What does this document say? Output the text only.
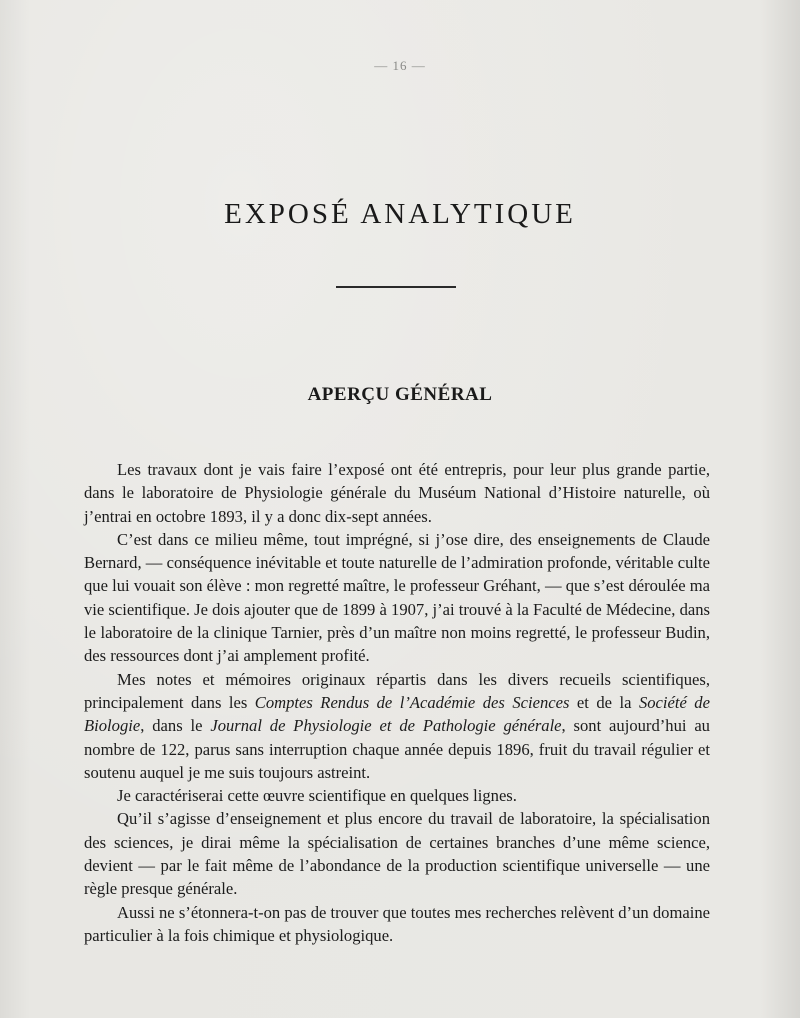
— 16 —
EXPOSÉ ANALYTIQUE
APERÇU GÉNÉRAL

Les travaux dont je vais faire l’exposé ont été entrepris, pour leur plus grande partie, dans le laboratoire de Physiologie générale du Muséum National d’Histoire naturelle, où j’entrai en octobre 1893, il y a donc dix-sept années.

C’est dans ce milieu même, tout imprégné, si j’ose dire, des enseignements de Claude Bernard, — conséquence inévitable et toute naturelle de l’admiration profonde, véritable culte que lui vouait son élève : mon regretté maître, le professeur Gréhant, — que s’est déroulée ma vie scientifique. Je dois ajouter que de 1899 à 1907, j’ai trouvé à la Faculté de Médecine, dans le laboratoire de la clinique Tarnier, près d’un maître non moins regretté, le professeur Budin, des ressources dont j’ai amplement profité.

Mes notes et mémoires originaux répartis dans les divers recueils scientifiques, principalement dans les Comptes Rendus de l’Académie des Sciences et de la Société de Biologie, dans le Journal de Physiologie et de Pathologie générale, sont aujourd’hui au nombre de 122, parus sans interruption chaque année depuis 1896, fruit du travail régulier et soutenu auquel je me suis toujours astreint.

Je caractériserai cette œuvre scientifique en quelques lignes.

Qu’il s’agisse d’enseignement et plus encore du travail de laboratoire, la spécialisation des sciences, je dirai même la spécialisation de certaines branches d’une même science, devient — par le fait même de l’abondance de la production scientifique universelle — une règle presque générale.

Aussi ne s’étonnera-t-on pas de trouver que toutes mes recherches relèvent d’un domaine particulier à la fois chimique et physiologique.
